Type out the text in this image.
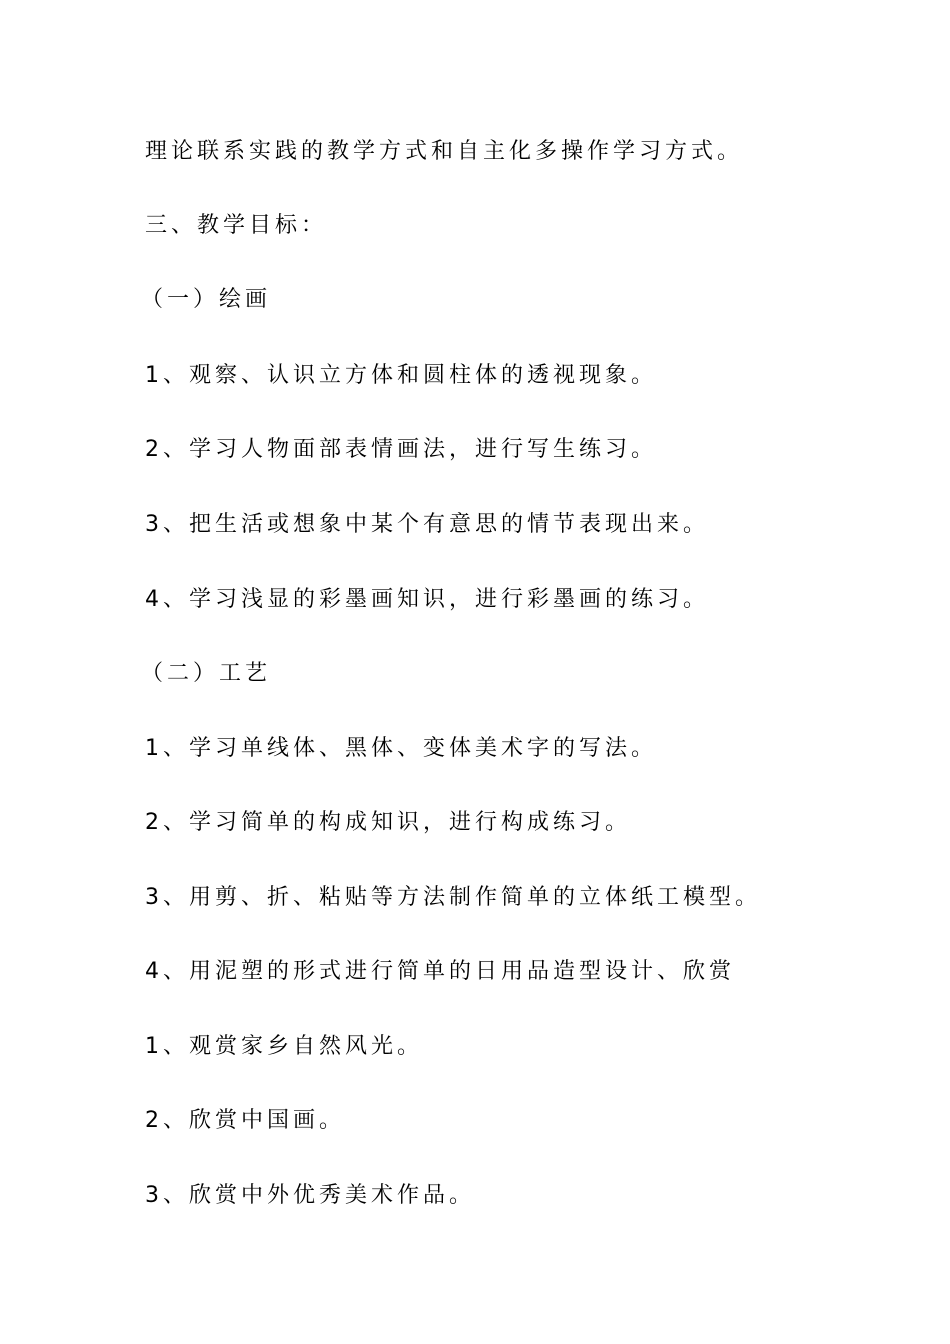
理论联系实践的教学方式和自主化多操作学习方式。
三、教学目标：
（一）绘画
1、观察、认识立方体和圆柱体的透视现象。
2、学习人物面部表情画法，进行写生练习。
3、把生活或想象中某个有意思的情节表现出来。
4、学习浅显的彩墨画知识，进行彩墨画的练习。
（二）工艺
1、学习单线体、黑体、变体美术字的写法。
2、学习简单的构成知识，进行构成练习。
3、用剪、折、粘贴等方法制作简单的立体纸工模型。
4、用泥塑的形式进行简单的日用品造型设计、欣赏
1、观赏家乡自然风光。
2、欣赏中国画。
3、欣赏中外优秀美术作品。
